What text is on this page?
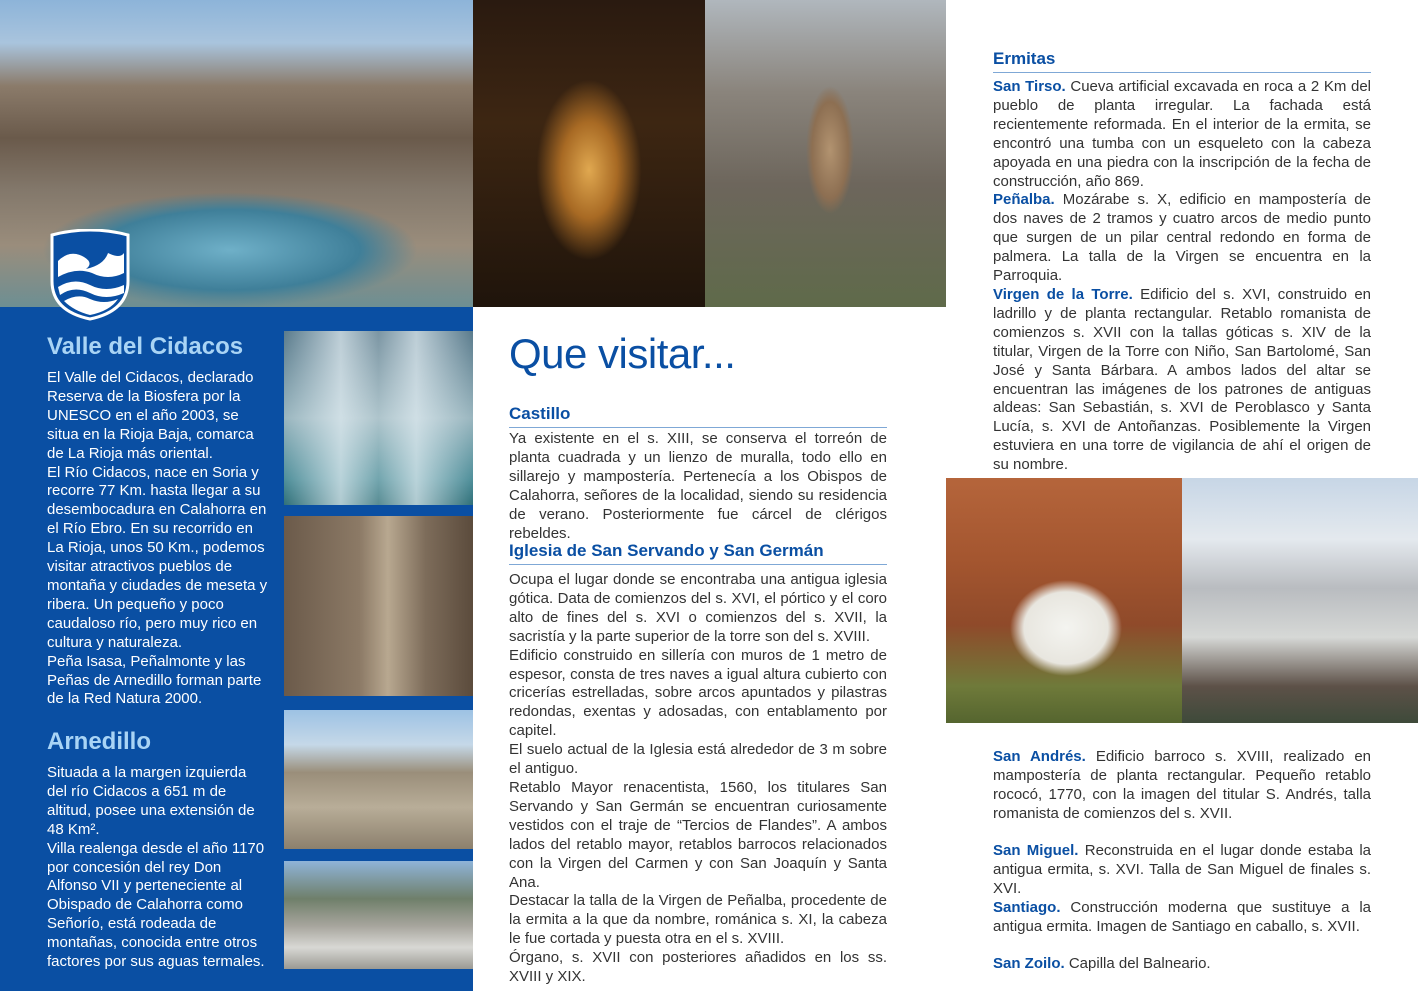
Valle del Cidacos

El Valle del Cidacos, declarado Reserva de la Biosfera por la UNESCO en el año 2003, se situa en la Rioja Baja, comarca de La Rioja más oriental.
El Río Cidacos, nace en Soria y recorre 77 Km. hasta llegar a su desembocadura en Calahorra en el Río Ebro. En su recorrido en La Rioja, unos 50 Km., podemos visitar atractivos pueblos de montaña y ciudades de meseta y ribera. Un pequeño y poco caudaloso río, pero muy rico en cultura y naturaleza.
Peña Isasa, Peñalmonte y las Peñas de Arnedillo forman parte de la Red Natura 2000.

Arnedillo

Situada a la margen izquierda del río Cidacos a 651 m de altitud, posee una extensión de 48 Km².
Villa realenga desde el año 1170 por concesión del rey Don Alfonso VII y perteneciente al Obispado de Calahorra como Señorío, está rodeada de montañas, conocida entre otros factores por sus aguas termales.

Que visitar...
Castillo

Ya existente en el s. XIII, se conserva el torreón de planta cuadrada y un lienzo de muralla, todo ello en sillarejo y mampostería. Pertenecía a los Obispos de Calahorra, señores de la localidad, siendo su residencia de verano. Posteriormente fue cárcel de clérigos rebeldes.

Iglesia de San Servando y San Germán

Ocupa el lugar donde se encontraba una antigua iglesia gótica. Data de comienzos del s. XVI, el pórtico y el coro alto de fines del s. XVI o comienzos del s. XVII, la sacristía y la parte superior de la torre son del s. XVIII.
Edificio construido en sillería con muros de 1 metro de espesor, consta de tres naves a igual altura cubierto con cricerías estrelladas, sobre arcos apuntados y pilastras redondas, exentas y adosadas, con entablamento por capitel.
El suelo actual de la Iglesia está alrededor de 3 m sobre el antiguo.
Retablo Mayor renacentista, 1560, los titulares San Servando y San Germán se encuentran curiosamente vestidos con el traje de “Tercios de Flandes”. A ambos lados del retablo mayor, retablos barrocos relacionados con la Virgen del Carmen y con San Joaquín y Santa Ana.
Destacar la talla de la Virgen de Peñalba, procedente de la ermita a la que da nombre, románica s. XI, la cabeza le fue cortada y puesta otra en el s. XVIII.
Órgano, s. XVII con posteriores añadidos en los ss. XVIII y XIX.

Ermitas

San Tirso. Cueva artificial excavada en roca a 2 Km del pueblo de planta irregular. La fachada está recientemente reformada. En el interior de la ermita, se encontró una tumba con un esqueleto con la cabeza apoyada en una piedra con la inscripción de la fecha de construcción, año 869.

Peñalba. Mozárabe s. X, edificio en mampostería de dos naves de 2 tramos y cuatro arcos de medio punto que surgen de un pilar central redondo en forma de palmera. La talla de la Virgen se encuentra en la Parroquia.

Virgen de la Torre. Edificio del s. XVI, construido en ladrillo y de planta rectangular. Retablo romanista de comienzos s. XVII con la tallas góticas s. XIV de la titular, Virgen de la Torre con Niño, San Bartolomé, San José y Santa Bárbara. A ambos lados del altar se encuentran las imágenes de los patrones de antiguas aldeas: San Sebastián, s. XVI de Peroblasco y Santa Lucía, s. XVI de Antoñanzas. Posiblemente la Virgen estuviera en una torre de vigilancia de ahí el origen de su nombre.

San Andrés. Edificio barroco s. XVIII, realizado en mampostería de planta rectangular. Pequeño retablo rococó, 1770, con la imagen del titular S. Andrés, talla romanista de comienzos del s. XVII.

San Miguel. Reconstruida en el lugar donde estaba la antigua ermita, s. XVI. Talla de San Miguel de finales s. XVI.

Santiago. Construcción moderna que sustituye a la antigua ermita. Imagen de Santiago en caballo, s. XVII.

San Zoilo. Capilla del Balneario.
